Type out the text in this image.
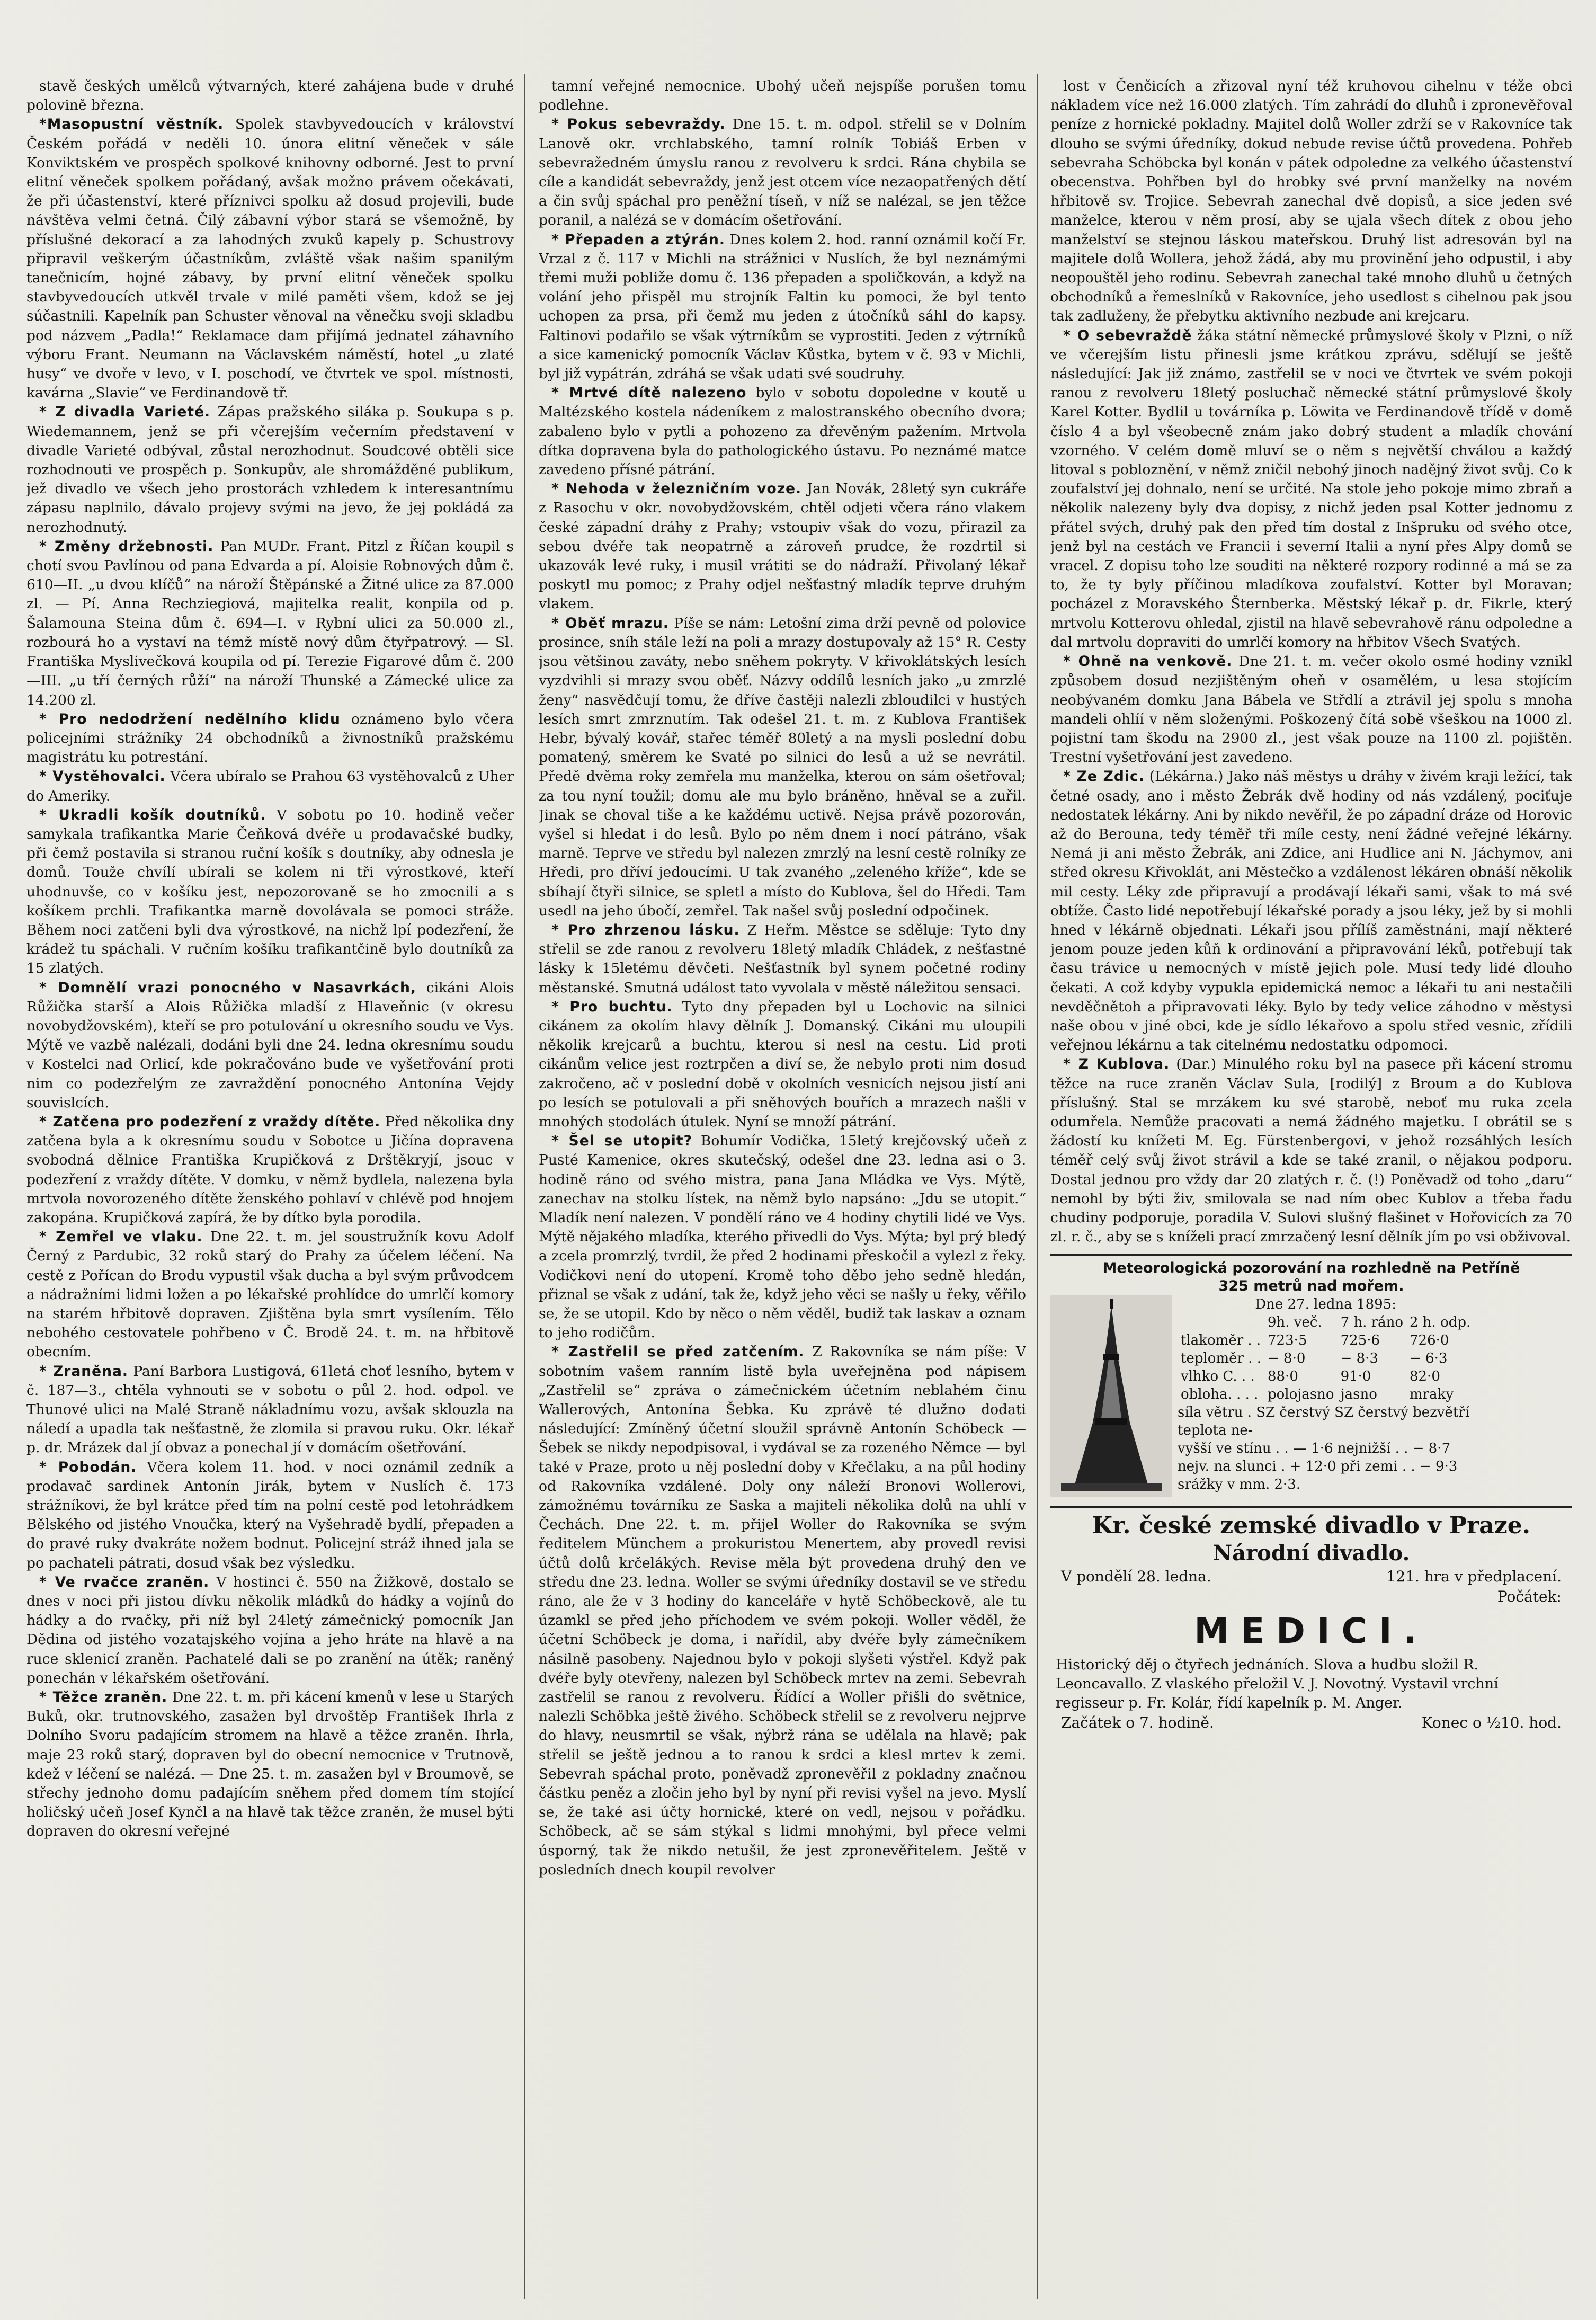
stavě českých umělců výtvarných, které zahájena bude v druhé polovině března.

*Masopustní věstník. Spolek stavbyvedoucích v království Českém pořádá v neděli 10. února elitní věneček v sále Konviktském ve prospěch spolkové knihovny odborné. Jest to první elitní věneček spolkem pořádaný, avšak možno právem očekávati, že při účastenství, které příznivci spolku až dosud projevili, bude návštěva velmi četná. Čilý zábavní výbor stará se všemožně, by příslušné dekorací a za lahodných zvuků kapely p. Schustrovy připravil veškerým účastníkům, zvláště však našim spanilým tanečnicím, hojné zábavy, by první elitní věneček spolku stavbyvedoucích utkvěl trvale v milé paměti všem, kdož se jej súčastnili. Kapelník pan Schuster věnoval na věnečku svoji skladbu pod názvem „Padla!“ Reklamace dam přijímá jednatel záhavního výboru Frant. Neumann na Václavském náměstí, hotel „u zlaté husy“ ve dvoře v levo, v I. poschodí, ve čtvrtek ve spol. místnosti, kavárna „Slavie“ ve Ferdinandově tř.

* Z divadla Varieté. Zápas pražského siláka p. Soukupa s p. Wiedemannem, jenž se při včerejším večerním představení v divadle Varieté odbýval, zůstal nerozhodnut. Soudcové obtěli sice rozhodnouti ve prospěch p. Sonkupův, ale shromážděné publikum, jež divadlo ve všech jeho prostorách vzhledem k interesantnímu zápasu naplnilo, dávalo projevy svými na jevo, že jej pokládá za nerozhodnutý.

* Změny držebnosti. Pan MUDr. Frant. Pitzl z Říčan koupil s chotí svou Pavlínou od pana Edvarda a pí. Aloisie Robnových dům č. 610—II. „u dvou klíčů“ na nároží Štěpánské a Žitné ulice za 87.000 zl. — Pí. Anna Rechziegiová, majitelka realit, konpila od p. Šalamouna Steina dům č. 694—I. v Rybní ulici za 50.000 zl., rozbourá ho a vystaví na témž místě nový dům čtyřpatrový. — Sl. Františka Myslivečková koupila od pí. Terezie Figarové dům č. 200—III. „u tří černých růží“ na nároží Thunské a Zámecké ulice za 14.200 zl.

* Pro nedodržení nedělního klidu oznámeno bylo včera policejními strážníky 24 obchodníků a živnostníků pražskému magistrátu ku potrestání.

* Vystěhovalci. Včera ubíralo se Prahou 63 vystěhovalců z Uher do Ameriky.

* Ukradli košík doutníků. V sobotu po 10. hodině večer samykala trafikantka Marie Čeňková dvéře u prodavačské budky, při čemž postavila si stranou ruční košík s doutníky, aby odnesla je domů. Touže chvílí ubírali se kolem ni tři výrostkové, kteří uhodnuvše, co v košíku jest, nepozorovaně se ho zmocnili a s košíkem prchli. Trafikantka marně dovolávala se pomoci stráže. Během noci zatčeni byli dva výrostkové, na nichž lpí podezření, že krádež tu spáchali. V ručním košíku trafikantčině bylo doutníků za 15 zlatých.

* Domnělí vrazi ponocného v Nasavrkách, cikáni Alois Růžička starší a Alois Růžička mladší z Hlaveňnic (v okresu novobydžovském), kteří se pro potulování u okresního soudu ve Vys. Mýtě ve vazbě nalézali, dodáni byli dne 24. ledna okresnímu soudu v Kostelci nad Orlicí, kde pokračováno bude ve vyšetřování proti nim co podezřelým ze zavraždění ponocného Antonína Vejdy souvislcích.

* Zatčena pro podezření z vraždy dítěte. Před několika dny zatčena byla a k okresnímu soudu v Sobotce u Jičína dopravena svobodná dělnice Františka Krupičková z Drštěkryjí, jsouc v podezření z vraždy dítěte. V domku, v němž bydlela, nalezena byla mrtvola novorozeného dítěte ženského pohlaví v chlévě pod hnojem zakopána. Krupičková zapírá, že by dítko byla porodila.

* Zemřel ve vlaku. Dne 22. t. m. jel soustružník kovu Adolf Černý z Pardubic, 32 roků starý do Prahy za účelem léčení. Na cestě z Pořícan do Brodu vypustil však ducha a byl svým průvodcem a nádražními lidmi ložen a po lékařské prohlídce do umrlčí komory na starém hřbitově dopraven. Zjištěna byla smrt vysílením. Tělo nebohého cestovatele pohřbeno v Č. Brodě 24. t. m. na hřbitově obecním.

* Zraněna. Paní Barbora Lustigová, 61letá choť lesního, bytem v č. 187—3., chtěla vyhnouti se v sobotu o půl 2. hod. odpol. ve Thunové ulici na Malé Straně nákladnímu vozu, avšak sklouzla na náledí a upadla tak nešťastně, že zlomila si pravou ruku. Okr. lékař p. dr. Mrázek dal jí obvaz a ponechal jí v domácím ošetřování.

* Pobodán. Včera kolem 11. hod. v noci oznámil zedník a prodavač sardinek Antonín Jirák, bytem v Nuslích č. 173 strážníkovi, že byl krátce před tím na polní cestě pod letohrádkem Bělského od jistého Vnoučka, který na Vyšehradě bydlí, přepaden a do pravé ruky dvakráte nožem bodnut. Policejní stráž ihned jala se po pachateli pátrati, dosud však bez výsledku.

* Ve rvačce zraněn. V hostinci č. 550 na Žižkově, dostalo se dnes v noci při jistou dívku několik mládků do hádky a vojínů do hádky a do rvačky, při níž byl 24letý zámečnický pomocník Jan Dědina od jistého vozatajského vojína a jeho hráte na hlavě a na ruce sklenicí zraněn. Pachatelé dali se po zranění na útěk; raněný ponechán v lékařském ošetřování.

* Těžce zraněn. Dne 22. t. m. při kácení kmenů v lese u Starých Buků, okr. trutnovského, zasažen byl drvoštěp František Ihrla z Dolního Svoru padajícím stromem na hlavě a těžce zraněn. Ihrla, maje 23 roků starý, dopraven byl do obecní nemocnice v Trutnově, kdež v léčení se nalézá. — Dne 25. t. m. zasažen byl v Broumově, se střechy jednoho domu padajícím sněhem před domem tím stojící holičský učeň Josef Kynčl a na hlavě tak těžce zraněn, že musel býti dopraven do okresní veřejné

tamní veřejné nemocnice. Ubohý učeň nejspíše porušen tomu podlehne.

* Pokus sebevraždy. Dne 15. t. m. odpol. střelil se v Dolním Lanově okr. vrchlabského, tamní rolník Tobiáš Erben v sebevražedném úmyslu ranou z revolveru k srdci. Rána chybila se cíle a kandidát sebevraždy, jenž jest otcem více nezaopatřených dětí a čin svůj spáchal pro peněžní tíseň, v níž se nalézal, se jen těžce poranil, a nalézá se v domácím ošetřování.

* Přepaden a ztýrán. Dnes kolem 2. hod. ranní oznámil kočí Fr. Vrzal z č. 117 v Michli na strážnici v Nuslích, že byl neznámými třemi muži pobliže domu č. 136 přepaden a spoličkován, a když na volání jeho přispěl mu strojník Faltin ku pomoci, že byl tento uchopen za prsa, při čemž mu jeden z útočníků sáhl do kapsy. Faltinovi podařilo se však výtrníkům se vyprostiti. Jeden z výtrníků a sice kamenický pomocník Václav Kůstka, bytem v č. 93 v Michli, byl již vypátrán, zdráhá se však udati své soudruhy.

* Mrtvé dítě nalezeno bylo v sobotu dopoledne v koutě u Maltézského kostela nádeníkem z malostranského obecního dvora; zabaleno bylo v pytli a pohozeno za dřevěným pažením. Mrtvola dítka dopravena byla do pathologického ústavu. Po neznámé matce zavedeno přísné pátrání.

* Nehoda v železničním voze. Jan Novák, 28letý syn cukráře z Rasochu v okr. novobydžovském, chtěl odjeti včera ráno vlakem české západní dráhy z Prahy; vstoupiv však do vozu, přirazil za sebou dvéře tak neopatrně a zároveň prudce, že rozdrtil si ukazovák levé ruky, i musil vrátiti se do nádraží. Přivolaný lékař poskytl mu pomoc; z Prahy odjel nešťastný mladík teprve druhým vlakem.

* Oběť mrazu. Píše se nám: Letošní zima drží pevně od polovice prosince, sníh stále leží na poli a mrazy dostupovaly až 15° R. Cesty jsou většinou zaváty, nebo sněhem pokryty. V křivoklátských lesích vyzdvihli si mrazy svou oběť. Názvy oddílů lesních jako „u zmrzlé ženy“ nasvědčují tomu, že dříve častěji nalezli zbloudilci v hustých lesích smrt zmrznutím. Tak odešel 21. t. m. z Kublova František Hebr, bývalý kovář, stařec téměř 80letý a na mysli poslední dobu pomatený, směrem ke Svaté po silnici do lesů a už se nevrátil. Předě dvěma roky zemřela mu manželka, kterou on sám ošetřoval; za tou nyní toužil; domu ale mu bylo bráněno, hněval se a zuřil. Jinak se choval tiše a ke každému uctivě. Nejsa právě pozorován, vyšel si hledat i do lesů. Bylo po něm dnem i nocí pátráno, však marně. Teprve ve středu byl nalezen zmrzlý na lesní cestě rolníky ze Hředi, pro dříví jedoucími. U tak zvaného „zeleného kříže“, kde se sbíhají čtyři silnice, se spletl a místo do Kublova, šel do Hředi. Tam usedl na jeho úbočí, zemřel. Tak našel svůj poslední odpočinek.

* Pro zhrzenou lásku. Z Heřm. Městce se sděluje: Tyto dny střelil se zde ranou z revolveru 18letý mladík Chládek, z nešťastné lásky k 15letému děvčeti. Nešťastník byl synem početné rodiny městanské. Smutná událost tato vyvolala v městě náležitou sensaci.

* Pro buchtu. Tyto dny přepaden byl u Lochovic na silnici cikánem za okolím hlavy dělník J. Domanský. Cikáni mu uloupili několik krejcarů a buchtu, kterou si nesl na cestu. Lid proti cikánům velice jest roztrpčen a diví se, že nebylo proti nim dosud zakročeno, ač v poslední době v okolních vesnicích nejsou jistí ani po lesích se potulovali a při sněhových bouřích a mrazech našli v mnohých stodolách útulek. Nyní se množí pátrání.

* Šel se utopit? Bohumír Vodička, 15letý krejčovský učeň z Pusté Kamenice, okres skutečský, odešel dne 23. ledna asi o 3. hodině ráno od svého mistra, pana Jana Mládka ve Vys. Mýtě, zanechav na stolku lístek, na němž bylo napsáno: „Jdu se utopit.“ Mladík není nalezen. V pondělí ráno ve 4 hodiny chytili lidé ve Vys. Mýtě nějakého mladíka, kterého přivedli do Vys. Mýta; byl prý bledý a zcela promrzlý, tvrdil, že před 2 hodinami přeskočil a vylezl z řeky. Vodičkovi není do utopení. Kromě toho děbo jeho sedně hledán, přiznal se však z udání, tak že, když jeho věci se našly u řeky, věřilo se, že se utopil. Kdo by něco o něm věděl, budiž tak laskav a oznam to jeho rodičům.

* Zastřelil se před zatčením. Z Rakovníka se nám píše: V sobotním vašem ranním listě byla uveřejněna pod nápisem „Zastřelil se“ zpráva o zámečnickém účetním neblahém činu Wallerových, Antonína Šebka. Ku zprávě té dlužno dodati následující: Zmíněný účetní sloužil správně Antonín Schöbeck — Šebek se nikdy nepodpisoval, i vydával se za rozeného Němce — byl také v Praze, proto u něj poslední doby v Křečlaku, a na půl hodiny od Rakovníka vzdálené. Doly ony náleží Bronovi Wollerovi, zámožnému továrníku ze Saska a majiteli několika dolů na uhlí v Čechách. Dne 22. t. m. přijel Woller do Rakovníka se svým ředitelem Münchem a prokuristou Menertem, aby provedl revisi účtů dolů krčelákých. Revise měla být provedena druhý den ve středu dne 23. ledna. Woller se svými úředníky dostavil se ve středu ráno, ale že v 3 hodiny do kanceláře v hytě Schöbeckově, ale tu úzamkl se před jeho příchodem ve svém pokoji. Woller věděl, že účetní Schöbeck je doma, i nařídil, aby dvéře byly zámečníkem násilně pasobeny. Najednou bylo v pokoji slyšeti výstřel. Když pak dvéře byly otevřeny, nalezen byl Schöbeck mrtev na zemi. Sebevrah zastřelil se ranou z revolveru. Řídící a Woller přišli do světnice, nalezli Schöbka ještě živého. Schöbeck střelil se z revolveru nejprve do hlavy, neusmrtil se však, nýbrž rána se udělala na hlavě; pak střelil se ještě jednou a to ranou k srdci a klesl mrtev k zemi. Sebevrah spáchal proto, poněvadž zpronevěřil z pokladny značnou částku peněz a zločin jeho byl by nyní při revisi vyšel na jevo. Myslí se, že také asi účty hornické, které on vedl, nejsou v pořádku. Schöbeck, ač se sám stýkal s lidmi mnohými, byl přece velmi úsporný, tak že nikdo netušil, že jest zpronevěřitelem. Ještě v posledních dnech koupil revolver

lost v Čenčicích a zřizoval nyní též kruhovou cihelnu v téže obci nákladem více než 16.000 zlatých. Tím zahrádí do dluhů i zpronevěřoval peníze z hornické pokladny. Majitel dolů Woller zdrží se v Rakovníce tak dlouho se svými úředníky, dokud nebude revise účtů provedena. Pohřeb sebevraha Schöbcka byl konán v pátek odpoledne za velkého účastenství obecenstva. Pohřben byl do hrobky své první manželky na novém hřbitově sv. Trojice. Sebevrah zanechal dvě dopisů, a sice jeden své manželce, kterou v něm prosí, aby se ujala všech dítek z obou jeho manželství se stejnou láskou mateřskou. Druhý list adresován byl na majitele dolů Wollera, jehož žádá, aby mu provinění jeho odpustil, i aby neopouštěl jeho rodinu. Sebevrah zanechal také mnoho dluhů u četných obchodníků a řemeslníků v Rakovníce, jeho usedlost s cihelnou pak jsou tak zadluženy, že přebytku aktivního nezbude ani krejcaru.

* O sebevraždě žáka státní německé průmyslové školy v Plzni, o níž ve včerejším listu přinesli jsme krátkou zprávu, sdělují se ještě následující: Jak již známo, zastřelil se v noci ve čtvrtek ve svém pokoji ranou z revolveru 18letý posluchač německé státní průmyslové školy Karel Kotter. Bydlil u továrníka p. Löwita ve Ferdinandově třídě v domě číslo 4 a byl všeobecně znám jako dobrý student a mladík chování vzorného. V celém domě mluví se o něm s největší chválou a každý litoval s pobloznění, v němž zničil nebohý jinoch nadějný život svůj. Co k zoufalství jej dohnalo, není se určité. Na stole jeho pokoje mimo zbraň a několik nalezeny byly dva dopisy, z nichž jeden psal Kotter jednomu z přátel svých, druhý pak den před tím dostal z Inšpruku od svého otce, jenž byl na cestách ve Francii i severní Italii a nyní přes Alpy domů se vracel. Z dopisu toho lze souditi na některé rozpory rodinné a má se za to, že ty byly příčinou mladíkova zoufalství. Kotter byl Moravan; pocházel z Moravského Šternberka. Městský lékař p. dr. Fikrle, který mrtvolu Kotterovu ohledal, zjistil na hlavě sebevrahově ránu odpoledne a dal mrtvolu dopraviti do umrlčí komory na hřbitov Všech Svatých.

* Ohně na venkově. Dne 21. t. m. večer okolo osmé hodiny vznikl způsobem dosud nezjištěným oheň v osamělém, u lesa stojícím neobývaném domku Jana Bábela ve Střdlí a ztrávil jej spolu s mnoha mandeli ohlíí v něm složenými. Poškozený čítá sobě všeškou na 1000 zl. pojistní tam škodu na 2900 zl., jest však pouze na 1100 zl. pojištěn. Trestní vyšetřování jest zavedeno.

* Ze Zdic. (Lékárna.) Jako náš městys u dráhy v živém kraji ležící, tak četné osady, ano i město Žebrák dvě hodiny od nás vzdálený, pociťuje nedostatek lékárny. Ani by nikdo nevěřil, že po západní dráze od Horovic až do Berouna, tedy téměř tři míle cesty, není žádné veřejné lékárny. Nemá ji ani město Žebrák, ani Zdice, ani Hudlice ani N. Jáchymov, ani střed okresu Křivoklát, ani Městečko a vzdálenost lékáren obnáší několik mil cesty. Léky zde připravují a prodávají lékaři sami, však to má své obtíže. Často lidé nepotřebují lékařské porady a jsou léky, jež by si mohli hned v lékárně objednati. Lékaři jsou přílíš zaměstnáni, mají některé jenom pouze jeden kůň k ordinování a připravování léků, potřebují tak času trávice u nemocných v místě jejich pole. Musí tedy lidé dlouho čekati. A což kdyby vypukla epidemická nemoc a lékaři tu ani nestačili nevděčnětoh a připravovati léky. Bylo by tedy velice záhodno v městysi naše obou v jiné obci, kde je sídlo lékařovo a spolu střed vesnic, zřídili veřejnou lékárnu a tak citelnému nedostatku odpomoci.

* Z Kublova. (Dar.) Minulého roku byl na pasece při kácení stromu těžce na ruce zraněn Václav Sula, [rodilý] z Broum a do Kublova příslušný. Stal se mrzákem ku své starobě, neboť mu ruka zcela odumřela. Nemůže pracovati a nemá žádného majetku. I obrátil se s žádostí ku knížeti M. Eg. Fürstenbergovi, v jehož rozsáhlých lesích téměř celý svůj život strávil a kde se také zranil, o nějakou podporu. Dostal jednou pro vždy dar 20 zlatých r. č. (!) Poněvadž od toho „daru“ nemohl by býti živ, smilovala se nad ním obec Kublov a třeba řadu chudiny podporuje, poradila V. Sulovi slušný flašinet v Hořovicích za 70 zl. r. č., aby se s kníželi prací zmrzačený lesní dělník jím po vsi obživoval.

Meteorologická pozorování na rozhledně na Petříně
325 metrů nad mořem.
Dne 27. ledna 1895:
	9h. več.	7 h. ráno	2 h. odp.
tlakoměr . .	723·5	725·6	726·0
teploměr . .	− 8·0	− 8·3	− 6·3
vlhko C. . .	88·0	91·0	82·0
oblohа. . . .	polojasno	jasno	mraky
síla větru . SZ čerstvý SZ čerstvý bezvětří
teplota ne-
vyšší ve stínu . . — 1·6 nejnižší . . − 8·7
nejv. na slunci . + 12·0 při zemi . . − 9·3
srážky v mm. 2·3.
Kr. české zemské divadlo v Praze.
Národní divadlo.
V pondělí 28. ledna.	121. hra v předplacení.
Počátek:
MEDICI.
Historický děj o čtyřech jednáních. Slova a hudbu složil R. Leoncavallo. Z vlaského přeložil V. J. Novotný. Vystavil vrchní regisseur p. Fr. Kolár, řídí kapelník p. M. Anger.
Začátek o 7. hodině.	Konec o ½10. hod.
